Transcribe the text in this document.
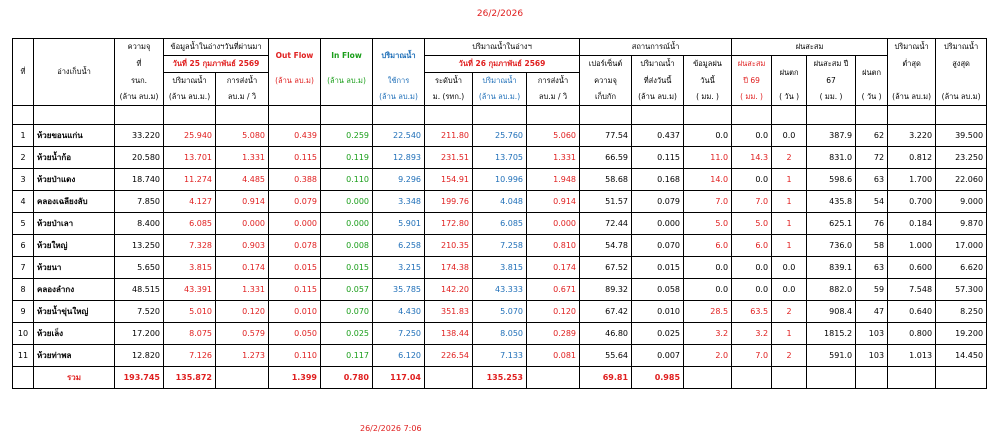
26/2/2026
ที่	อ่างเก็บน้ำ	ความจุ	ข้อมูลน้ำในอ่างฯวันที่ผ่านมา		Out Flow	In Flow	ปริมาณน้ำ	ปริมาณน้ำในอ่างฯ			สถานการณ์น้ำ			ฝนสะสม				ปริมาณน้ำ	ปริมาณน้ำ
		ที่	วันที่ 25 กุมภาพันธ์ 2569					วันที่ 26 กุมภาพันธ์ 2569			เปอร์เซ็นต์	ปริมาณน้ำ	ข้อมูลฝน	ฝนสะสม	ฝนตก	ฝนสะสม ปี	ฝนตก	ต่ำสุด	สูงสุด
		รนก.	ปริมาณน้ำ	การส่งน้ำ	(ล้าน ลบ.ม)	(ล้าน ลบ.ม)	ใช้การ	ระดับน้ำ	ปริมาณน้ำ	การส่งน้ำ	ความจุ	ที่ส่งวันนี้	วันนี้	ปี 69		67			
		(ล้าน ลบ.ม)	(ล้าน ลบ.ม.)	ลบ.ม / วิ			(ล้าน ลบ.ม)	ม. (รทก.)	(ล้าน ลบ.ม.)	ลบ.ม / วิ	เก็บกัก	(ล้าน ลบ.ม)	( มม. )	( มม. )	( วัน )	( มม. )	( วัน )	(ล้าน ลบ.ม)	(ล้าน ลบ.ม)

1	ห้วยขอนแก่น	33.220	25.940	5.080	0.439	0.259	22.540	211.80	25.760	5.060	77.54	0.437	0.0	0.0	0.0	387.9	62	3.220	39.500
2	ห้วยน้ำก้อ	20.580	13.701	1.331	0.115	0.119	12.893	231.51	13.705	1.331	66.59	0.115	11.0	14.3	2	831.0	72	0.812	23.250
3	ห้วยป่าแดง	18.740	11.274	4.485	0.388	0.110	9.296	154.91	10.996	1.948	58.68	0.168	14.0	0.0	1	598.6	63	1.700	22.060
4	คลองเฉลียงลับ	7.850	4.127	0.914	0.079	0.000	3.348	199.76	4.048	0.914	51.57	0.079	7.0	7.0	1	435.8	54	0.700	9.000
5	ห้วยป่าเลา	8.400	6.085	0.000	0.000	0.000	5.901	172.80	6.085	0.000	72.44	0.000	5.0	5.0	1	625.1	76	0.184	9.870
6	ห้วยใหญ่	13.250	7.328	0.903	0.078	0.008	6.258	210.35	7.258	0.810	54.78	0.070	6.0	6.0	1	736.0	58	1.000	17.000
7	ห้วยนา	5.650	3.815	0.174	0.015	0.015	3.215	174.38	3.815	0.174	67.52	0.015	0.0	0.0	0.0	839.1	63	0.600	6.620
8	คลองลำกง	48.515	43.391	1.331	0.115	0.057	35.785	142.20	43.333	0.671	89.32	0.058	0.0	0.0	0.0	882.0	59	7.548	57.300
9	ห้วยน้ำขุ่นใหญ่	7.520	5.010	0.120	0.010	0.070	4.430	351.83	5.070	0.120	67.42	0.010	28.5	63.5	2	908.4	47	0.640	8.250
10	ห้วยเล็ง	17.200	8.075	0.579	0.050	0.025	7.250	138.44	8.050	0.289	46.80	0.025	3.2	3.2	1	1815.2	103	0.800	19.200
11	ห้วยท่าพล	12.820	7.126	1.273	0.110	0.117	6.120	226.54	7.133	0.081	55.64	0.007	2.0	7.0	2	591.0	103	1.013	14.450
	รวม	193.745	135.872		1.399	0.780	117.04		135.253		69.81	0.985							
26/2/2026 7:06
